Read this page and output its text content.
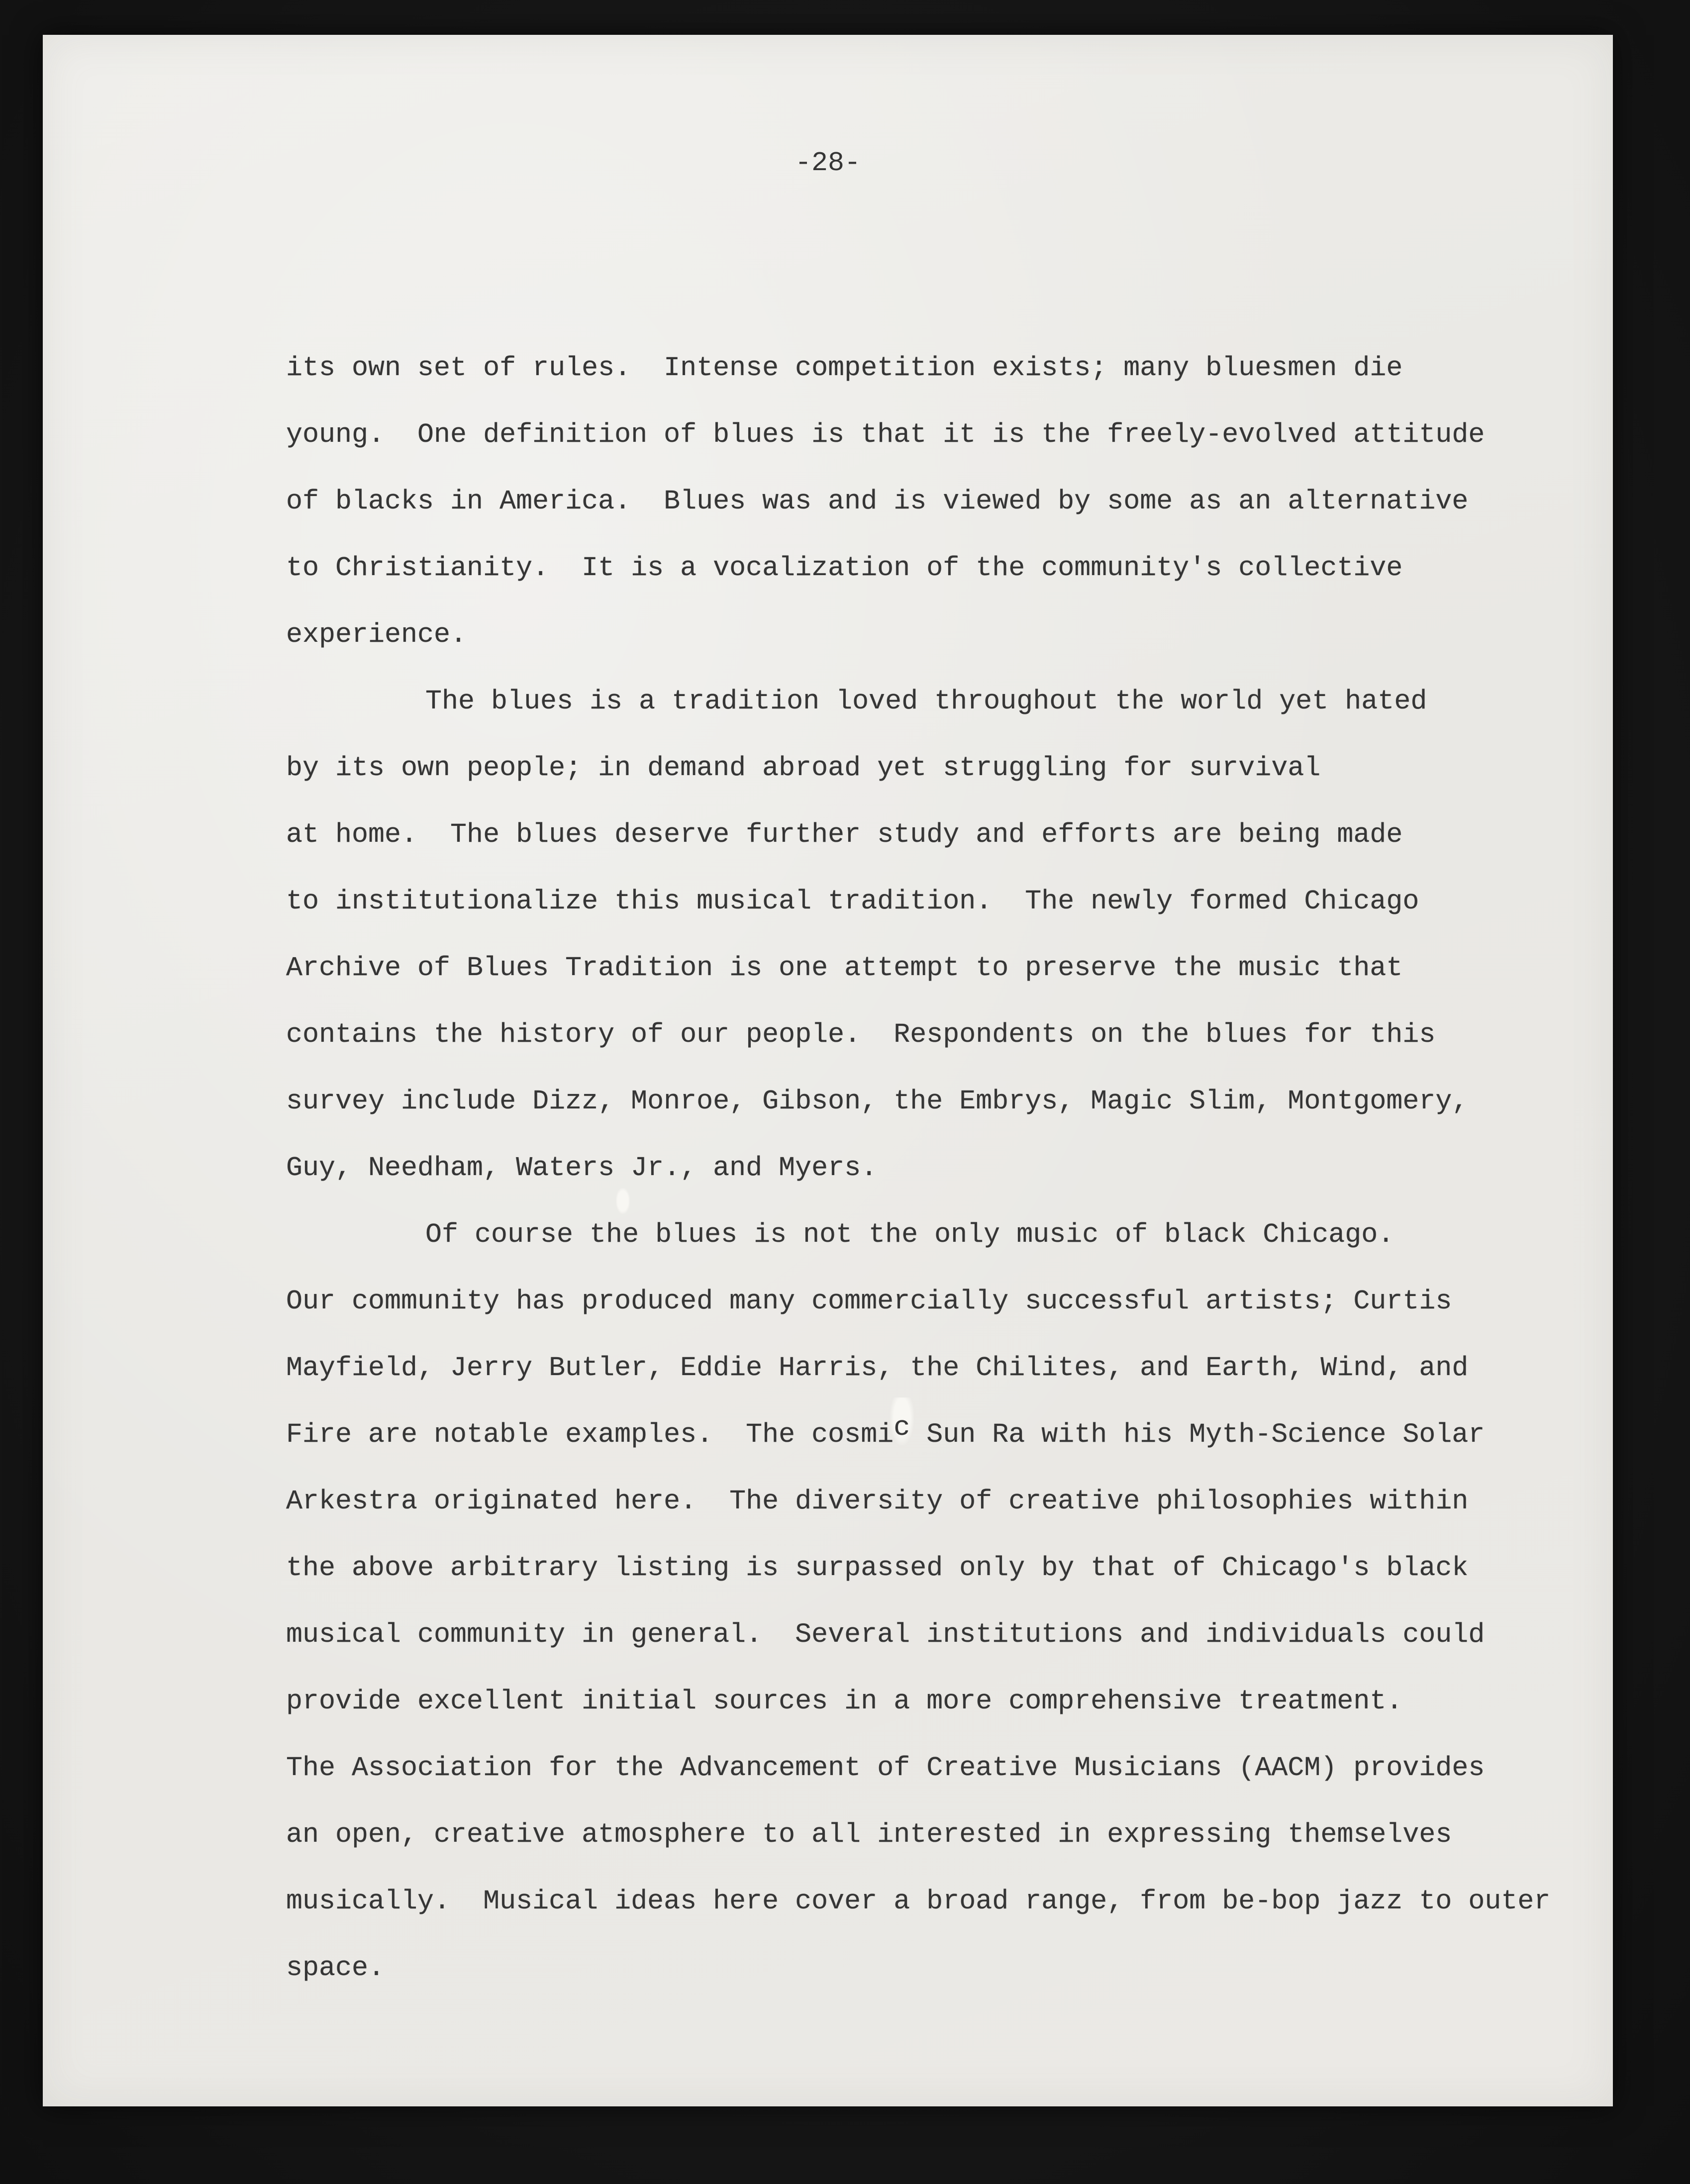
-28-
its own set of rules.  Intense competition exists; many bluesmen die
young.  One definition of blues is that it is the freely-evolved attitude
of blacks in America.  Blues was and is viewed by some as an alternative
to Christianity.  It is a vocalization of the community's collective
experience.
The blues is a tradition loved throughout the world yet hated
by its own people; in demand abroad yet struggling for survival
at home.  The blues deserve further study and efforts are being made
to institutionalize this musical tradition.  The newly formed Chicago
Archive of Blues Tradition is one attempt to preserve the music that
contains the history of our people.  Respondents on the blues for this
survey include Dizz, Monroe, Gibson, the Embrys, Magic Slim, Montgomery,
Guy, Needham, Waters Jr., and Myers.
Of course the blues is not the only music of black Chicago.
Our community has produced many commercially successful artists; Curtis
Mayfield, Jerry Butler, Eddie Harris, the Chilites, and Earth, Wind, and
Fire are notable examples.  The cosmic Sun Ra with his Myth-Science Solar
Arkestra originated here.  The diversity of creative philosophies within
the above arbitrary listing is surpassed only by that of Chicago's black
musical community in general.  Several institutions and individuals could
provide excellent initial sources in a more comprehensive treatment.
The Association for the Advancement of Creative Musicians (AACM) provides
an open, creative atmosphere to all interested in expressing themselves
musically.  Musical ideas here cover a broad range, from be-bop jazz to outer
space.
